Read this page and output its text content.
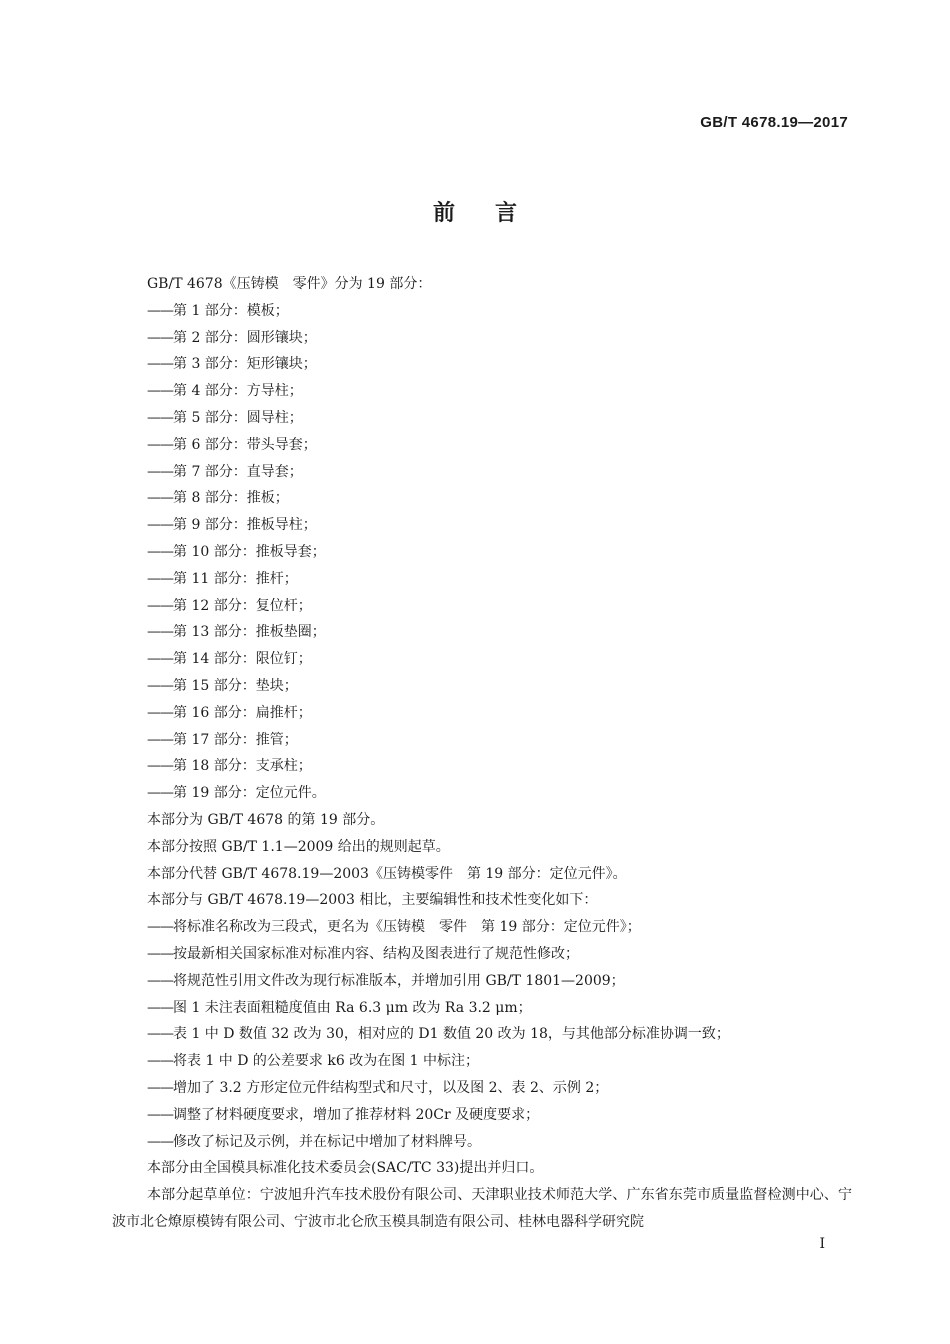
GB/T 4678.19—2017
前言

GB/T 4678《压铸模　零件》分为 19 部分：

——第 1 部分：模板；

——第 2 部分：圆形镶块；

——第 3 部分：矩形镶块；

——第 4 部分：方导柱；

——第 5 部分：圆导柱；

——第 6 部分：带头导套；

——第 7 部分：直导套；

——第 8 部分：推板；

——第 9 部分：推板导柱；

——第 10 部分：推板导套；

——第 11 部分：推杆；

——第 12 部分：复位杆；

——第 13 部分：推板垫圈；

——第 14 部分：限位钉；

——第 15 部分：垫块；

——第 16 部分：扁推杆；

——第 17 部分：推管；

——第 18 部分：支承柱；

——第 19 部分：定位元件。

本部分为 GB/T 4678 的第 19 部分。

本部分按照 GB/T 1.1—2009 给出的规则起草。

本部分代替 GB/T 4678.19—2003《压铸模零件　第 19 部分：定位元件》。

本部分与 GB/T 4678.19—2003 相比，主要编辑性和技术性变化如下：

——将标准名称改为三段式，更名为《压铸模　零件　第 19 部分：定位元件》；

——按最新相关国家标准对标准内容、结构及图表进行了规范性修改；

——将规范性引用文件改为现行标准版本，并增加引用 GB/T 1801—2009；

——图 1 未注表面粗糙度值由 Ra 6.3 μm 改为 Ra 3.2 μm；

——表 1 中 D 数值 32 改为 30，相对应的 D1 数值 20 改为 18，与其他部分标准协调一致；

——将表 1 中 D 的公差要求 k6 改为在图 1 中标注；

——增加了 3.2 方形定位元件结构型式和尺寸，以及图 2、表 2、示例 2；

——调整了材料硬度要求，增加了推荐材料 20Cr 及硬度要求；

——修改了标记及示例，并在标记中增加了材料牌号。

本部分由全国模具标准化技术委员会(SAC/TC 33)提出并归口。

本部分起草单位：宁波旭升汽车技术股份有限公司、天津职业技术师范大学、广东省东莞市质量监督检测中心、宁波市北仑燎原模铸有限公司、宁波市北仑欣玉模具制造有限公司、桂林电器科学研究院

I
